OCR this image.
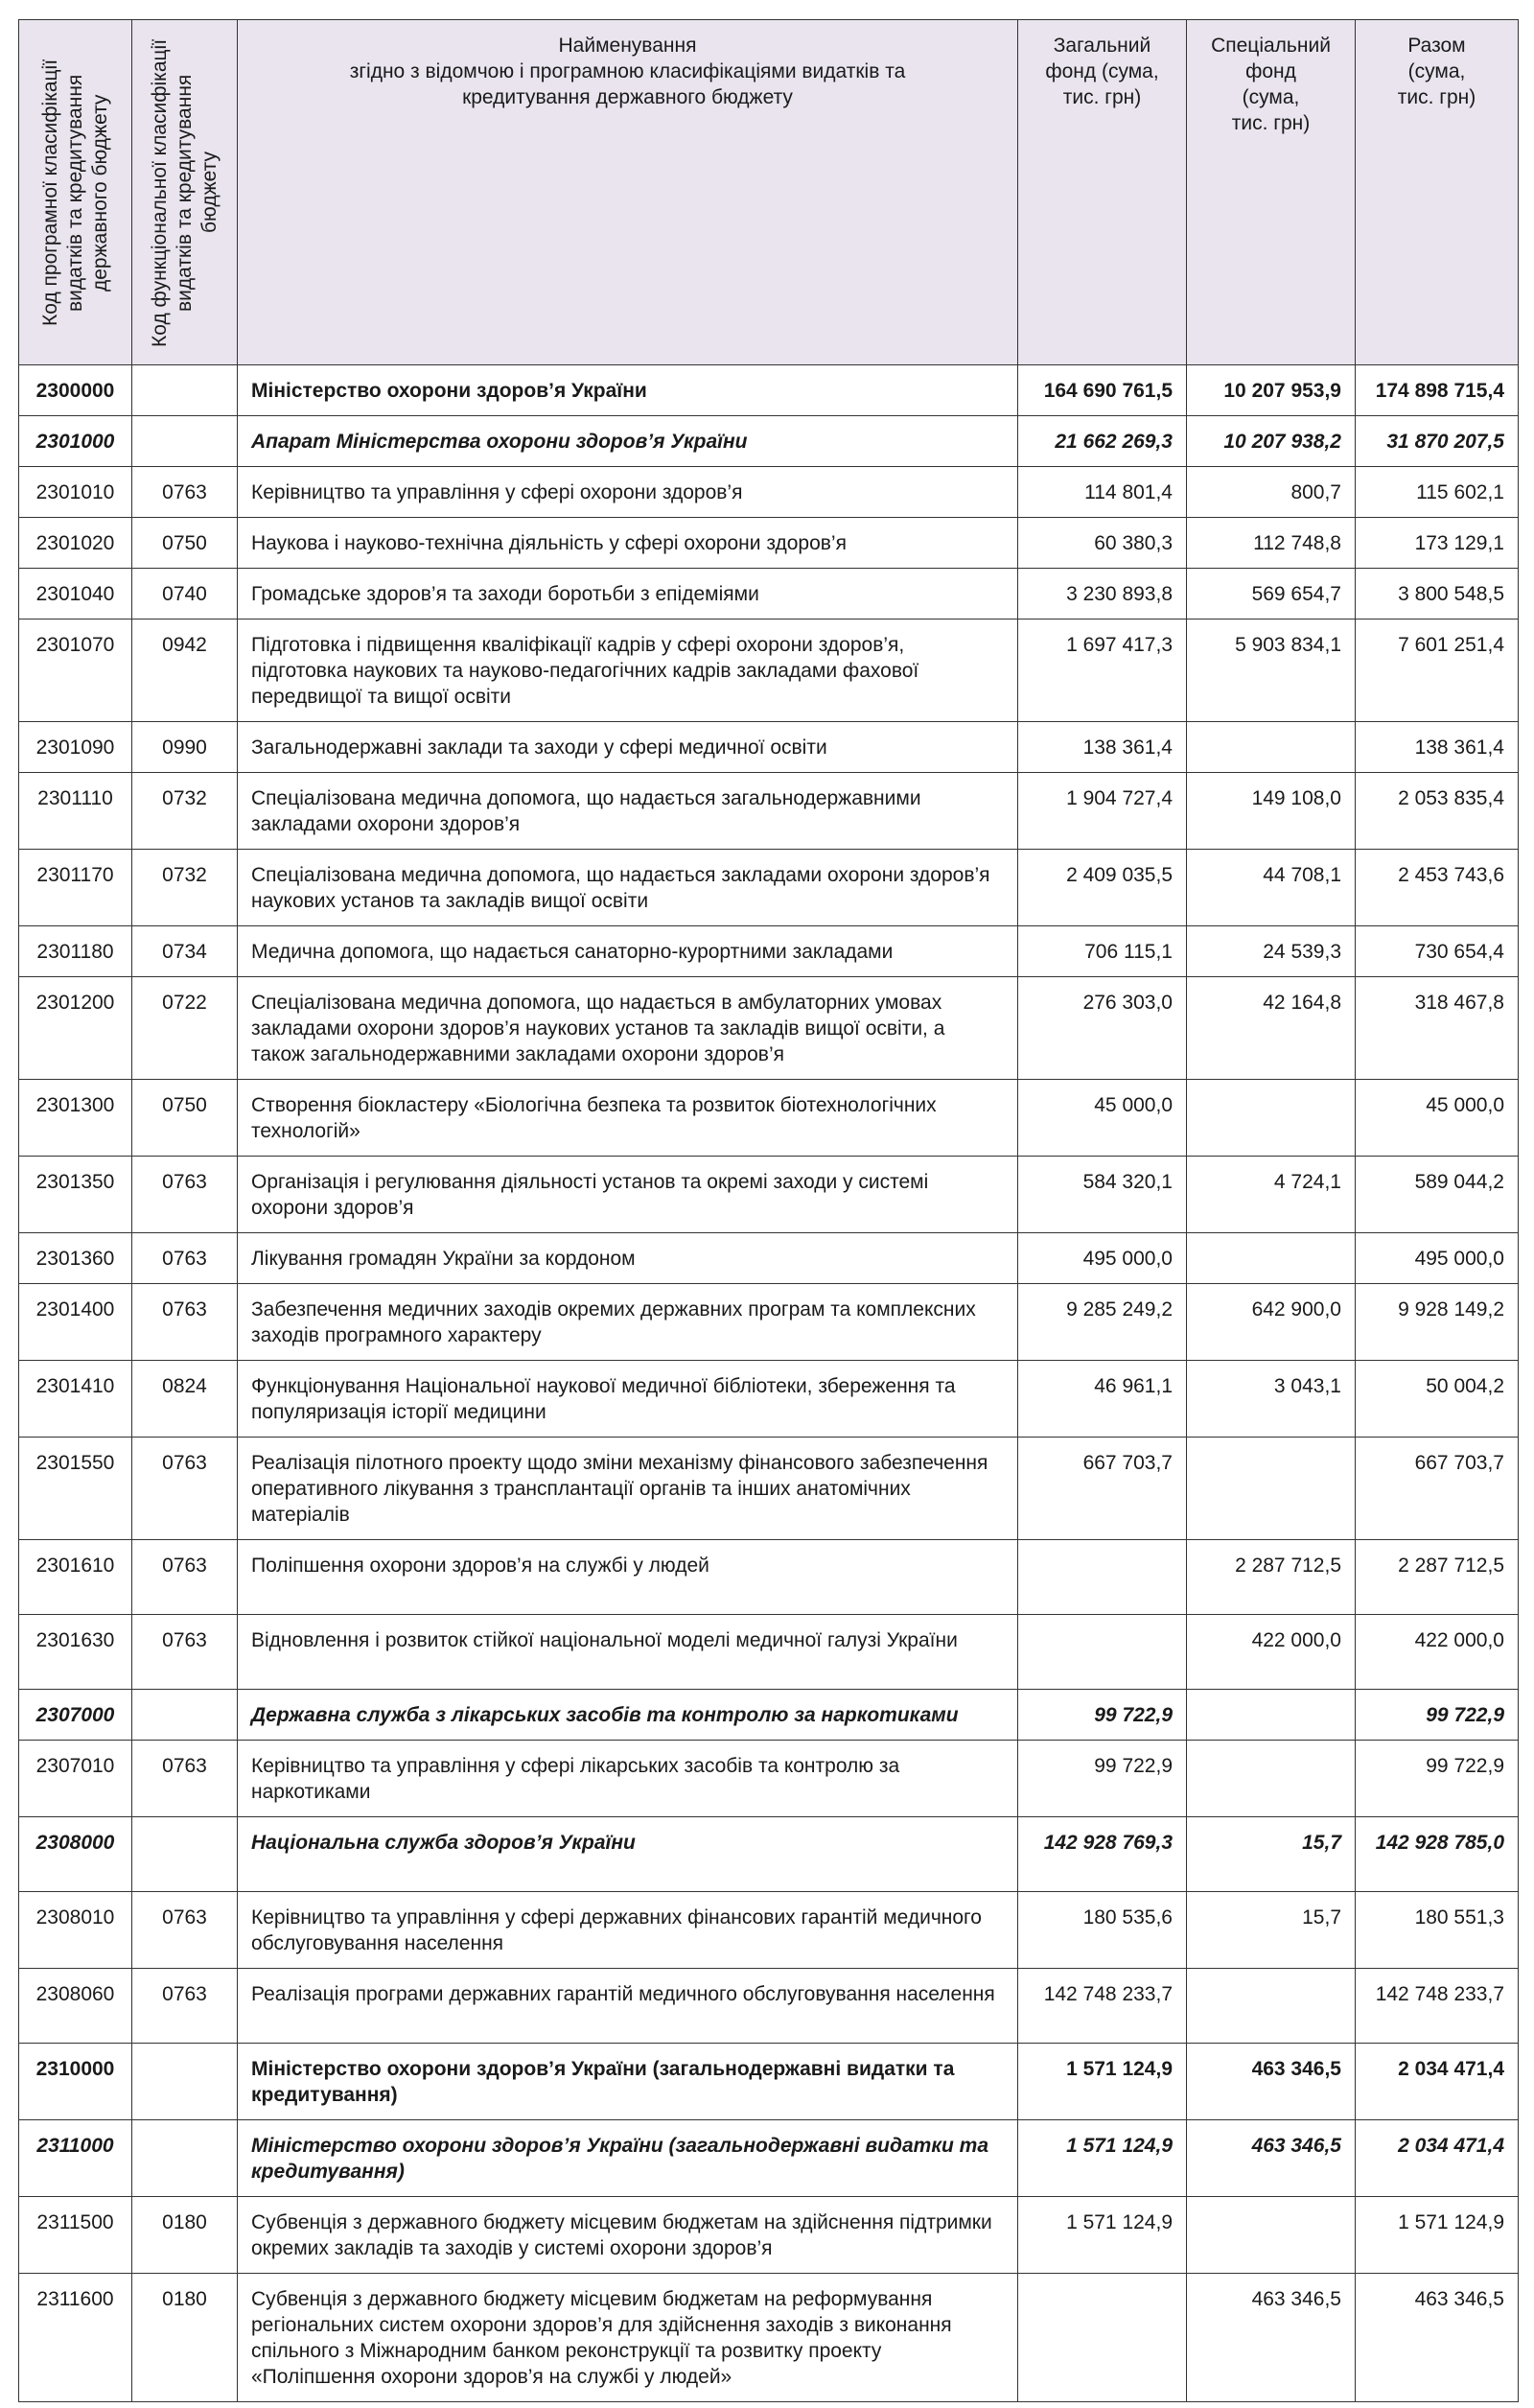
Код програмної класифікації видатків та кредитування державного бюджету	Код функціональної класифікації видатків та кредитування бюджету	Найменування
згідно з відомчою і програмною класифікаціями видатків та
кредитування державного бюджету	Загальний
фонд (сума,
тис. грн)	Спеціальний
фонд
(сума,
тис. грн)	Разом
(сума,
тис. грн)
2300000		Міністерство охорони здоров’я України	164 690 761,5	10 207 953,9	174 898 715,4
2301000		Апарат Міністерства охорони здоров’я України	21 662 269,3	10 207 938,2	31 870 207,5
2301010	0763	Керівництво та управління у сфері охорони здоров’я	114 801,4	800,7	115 602,1
2301020	0750	Наукова і науково-технічна діяльність у сфері охорони здоров’я	60 380,3	112 748,8	173 129,1
2301040	0740	Громадське здоров’я та заходи боротьби з епідеміями	3 230 893,8	569 654,7	3 800 548,5
2301070	0942	Підготовка і підвищення кваліфікації кадрів у сфері охорони здоров’я, підготовка наукових та науково-педагогічних кадрів закладами фахової передвищої та вищої освіти	1 697 417,3	5 903 834,1	7 601 251,4
2301090	0990	Загальнодержавні заклади та заходи у сфері медичної освіти	138 361,4		138 361,4
2301110	0732	Спеціалізована медична допомога, що надається загальнодержавними закладами охорони здоров’я	1 904 727,4	149 108,0	2 053 835,4
2301170	0732	Спеціалізована медична допомога, що надається закладами охорони здоров’я наукових установ та закладів вищої освіти	2 409 035,5	44 708,1	2 453 743,6
2301180	0734	Медична допомога, що надається санаторно-курортними закладами	706 115,1	24 539,3	730 654,4
2301200	0722	Спеціалізована медична допомога, що надається в амбулаторних умовах закладами охорони здоров’я наукових установ та закладів вищої освіти, а також загальнодержавними закладами охорони здоров’я	276 303,0	42 164,8	318 467,8
2301300	0750	Створення біокластеру «Біологічна безпека та розвиток біотехнологічних технологій»	45 000,0		45 000,0
2301350	0763	Організація і регулювання діяльності установ та окремі заходи у системі охорони здоров’я	584 320,1	4 724,1	589 044,2
2301360	0763	Лікування громадян України за кордоном	495 000,0		495 000,0
2301400	0763	Забезпечення медичних заходів окремих державних програм та комплексних заходів програмного характеру	9 285 249,2	642 900,0	9 928 149,2
2301410	0824	Функціонування Національної наукової медичної бібліотеки, збереження та популяризація історії медицини	46 961,1	3 043,1	50 004,2
2301550	0763	Реалізація пілотного проекту щодо зміни механізму фінансового забезпечення оперативного лікування з трансплантації органів та інших анатомічних матеріалів	667 703,7		667 703,7
2301610	0763	Поліпшення охорони здоров’я на службі у людей		2 287 712,5	2 287 712,5
2301630	0763	Відновлення і розвиток стійкої національної моделі медичної галузі України		422 000,0	422 000,0
2307000		Державна служба з лікарських засобів та контролю за наркотиками	99 722,9		99 722,9
2307010	0763	Керівництво та управління у сфері лікарських засобів та контролю за наркотиками	99 722,9		99 722,9
2308000		Національна служба здоров’я України	142 928 769,3	15,7	142 928 785,0
2308010	0763	Керівництво та управління у сфері державних фінансових гарантій медичного обслуговування населення	180 535,6	15,7	180 551,3
2308060	0763	Реалізація програми державних гарантій медичного обслуговування населення	142 748 233,7		142 748 233,7
2310000		Міністерство охорони здоров’я України (загальнодержавні видатки та кредитування)	1 571 124,9	463 346,5	2 034 471,4
2311000		Міністерство охорони здоров’я України (загальнодержавні видатки та кредитування)	1 571 124,9	463 346,5	2 034 471,4
2311500	0180	Субвенція з державного бюджету місцевим бюджетам на здійснення підтримки окремих закладів та заходів у системі охорони здоров’я	1 571 124,9		1 571 124,9
2311600	0180	Субвенція з державного бюджету місцевим бюджетам на реформування регіональних систем охорони здоров’я для здійснення заходів з виконання спільного з Міжнародним банком реконструкції та розвитку проекту «Поліпшення охорони здоров’я на службі у людей»		463 346,5	463 346,5
